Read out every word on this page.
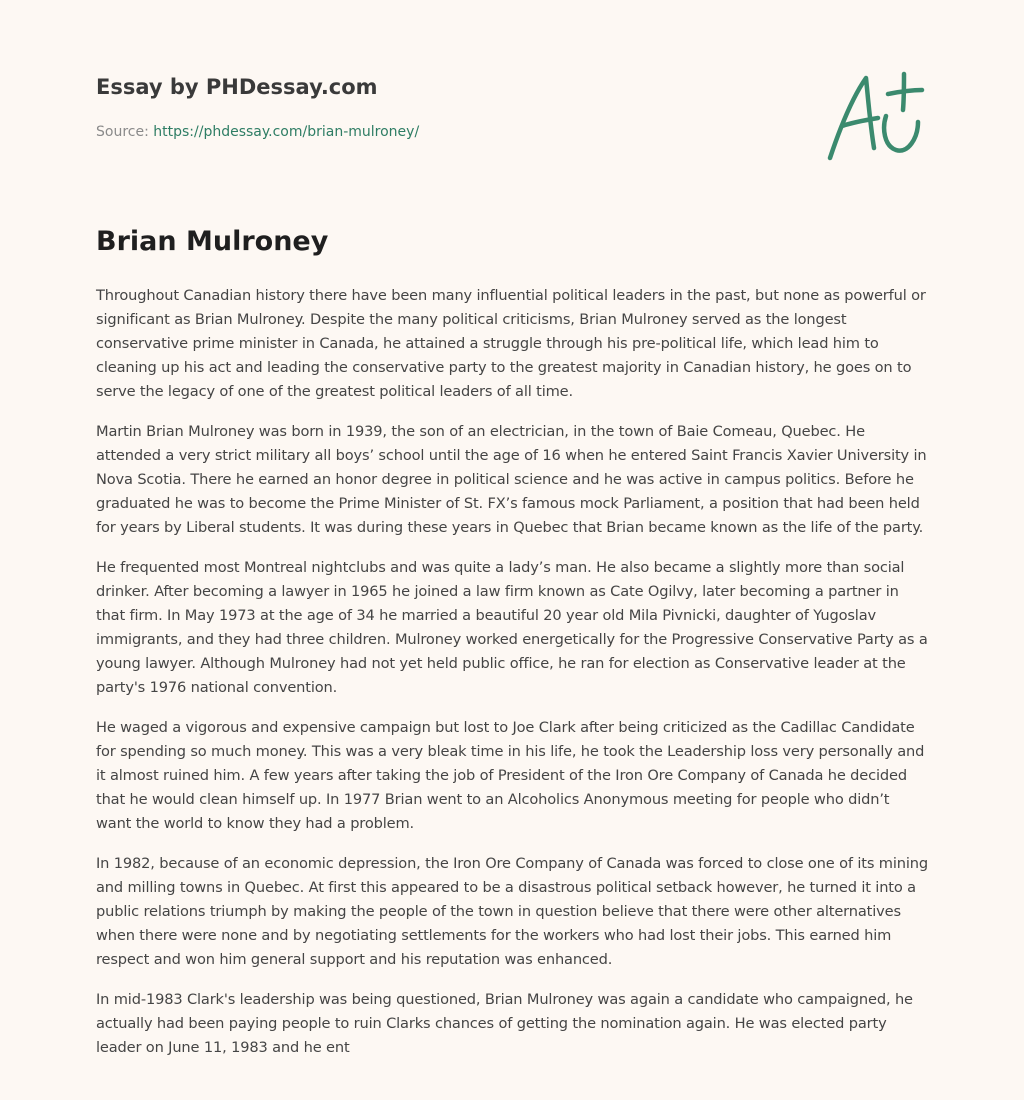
Essay by PHDessay.com
Source: https://phdessay.com/brian-mulroney/
Brian Mulroney

Throughout Canadian history there have been many influential political leaders in the past, but none as powerful or significant as Brian Mulroney. Despite the many political criticisms, Brian Mulroney served as the longest conservative prime minister in Canada, he attained a struggle through his pre-political life, which lead him to cleaning up his act and leading the conservative party to the greatest majority in Canadian history, he goes on to serve the legacy of one of the greatest political leaders of all time.

Martin Brian Mulroney was born in 1939, the son of an electrician, in the town of Baie Comeau, Quebec. He attended a very strict military all boys’ school until the age of 16 when he entered Saint Francis Xavier University in Nova Scotia. There he earned an honor degree in political science and he was active in campus politics. Before he graduated he was to become the Prime Minister of St. FX’s famous mock Parliament, a position that had been held for years by Liberal students. It was during these years in Quebec that Brian became known as the life of the party.

He frequented most Montreal nightclubs and was quite a lady’s man. He also became a slightly more than social drinker. After becoming a lawyer in 1965 he joined a law firm known as Cate Ogilvy, later becoming a partner in that firm. In May 1973 at the age of 34 he married a beautiful 20 year old Mila Pivnicki, daughter of Yugoslav immigrants, and they had three children. Mulroney worked energetically for the Progressive Conservative Party as a young lawyer. Although Mulroney had not yet held public office, he ran for election as Conservative leader at the party's 1976 national convention.

He waged a vigorous and expensive campaign but lost to Joe Clark after being criticized as the Cadillac Candidate for spending so much money. This was a very bleak time in his life, he took the Leadership loss very personally and it almost ruined him. A few years after taking the job of President of the Iron Ore Company of Canada he decided that he would clean himself up. In 1977 Brian went to an Alcoholics Anonymous meeting for people who didn’t want the world to know they had a problem.

In 1982, because of an economic depression, the Iron Ore Company of Canada was forced to close one of its mining and milling towns in Quebec. At first this appeared to be a disastrous political setback however, he turned it into a public relations triumph by making the people of the town in question believe that there were other alternatives when there were none and by negotiating settlements for the workers who had lost their jobs. This earned him respect and won him general support and his reputation was enhanced.

In mid-1983 Clark's leadership was being questioned, Brian Mulroney was again a candidate who campaigned, he actually had been paying people to ruin Clarks chances of getting the nomination again. He was elected party leader on June 11, 1983 and he ent
